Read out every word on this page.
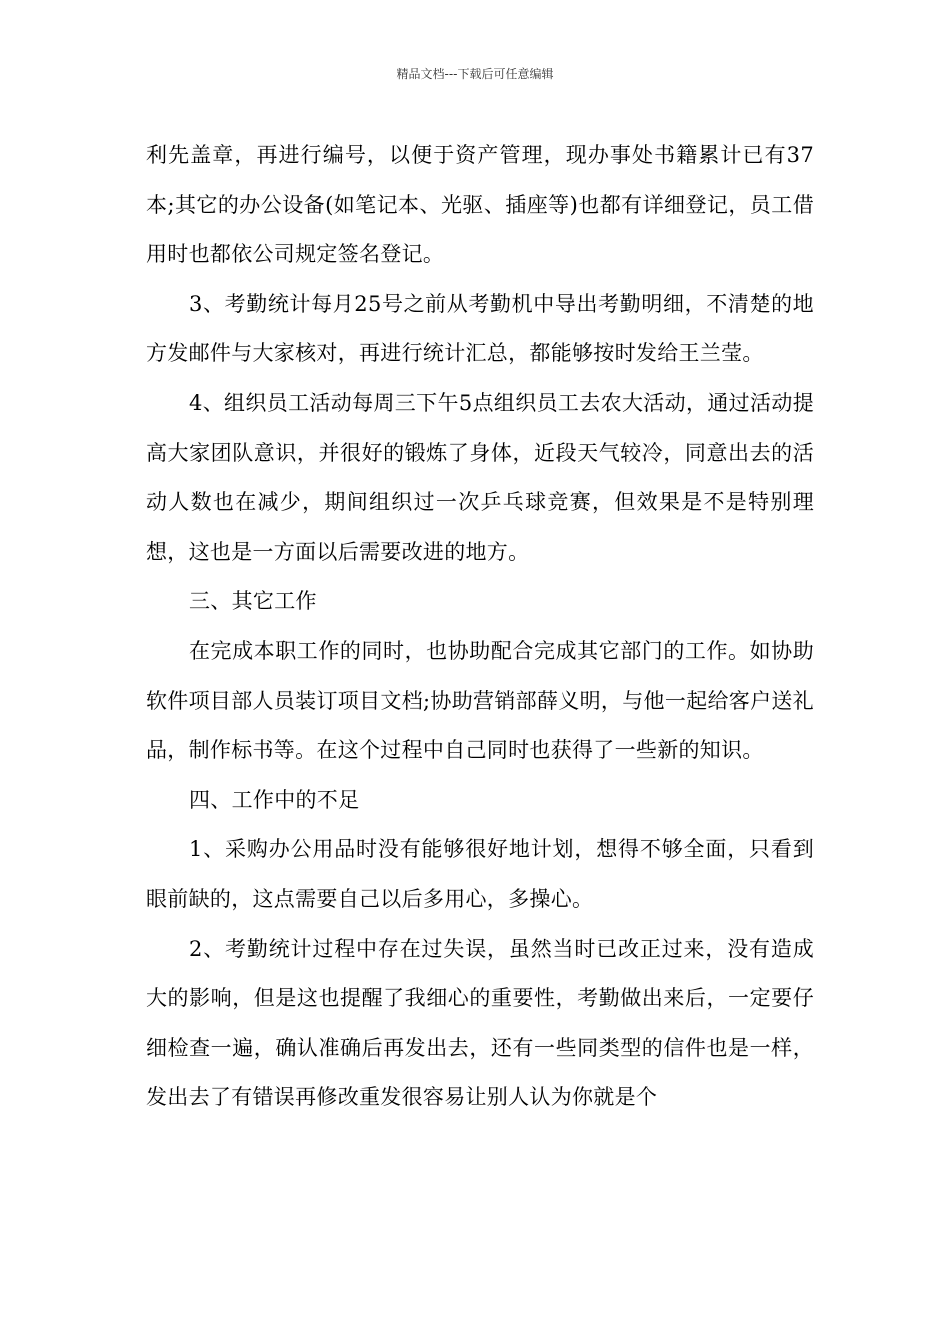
精品文档---下载后可任意编辑

利先盖章，再进行编号，以便于资产管理，现办事处书籍累计已有37本;其它的办公设备(如笔记本、光驱、插座等)也都有详细登记，员工借用时也都依公司规定签名登记。

3、考勤统计每月25号之前从考勤机中导出考勤明细，不清楚的地方发邮件与大家核对，再进行统计汇总，都能够按时发给王兰莹。

4、组织员工活动每周三下午5点组织员工去农大活动，通过活动提高大家团队意识，并很好的锻炼了身体，近段天气较冷，同意出去的活动人数也在减少，期间组织过一次乒乓球竞赛，但效果是不是特别理想，这也是一方面以后需要改进的地方。

三、其它工作

在完成本职工作的同时，也协助配合完成其它部门的工作。如协助软件项目部人员装订项目文档;协助营销部薛义明，与他一起给客户送礼品，制作标书等。在这个过程中自己同时也获得了一些新的知识。

四、工作中的不足

1、采购办公用品时没有能够很好地计划，想得不够全面，只看到眼前缺的，这点需要自己以后多用心，多操心。

2、考勤统计过程中存在过失误，虽然当时已改正过来，没有造成大的影响，但是这也提醒了我细心的重要性，考勤做出来后，一定要仔细检查一遍，确认准确后再发出去，还有一些同类型的信件也是一样，发出去了有错误再修改重发很容易让别人认为你就是个
